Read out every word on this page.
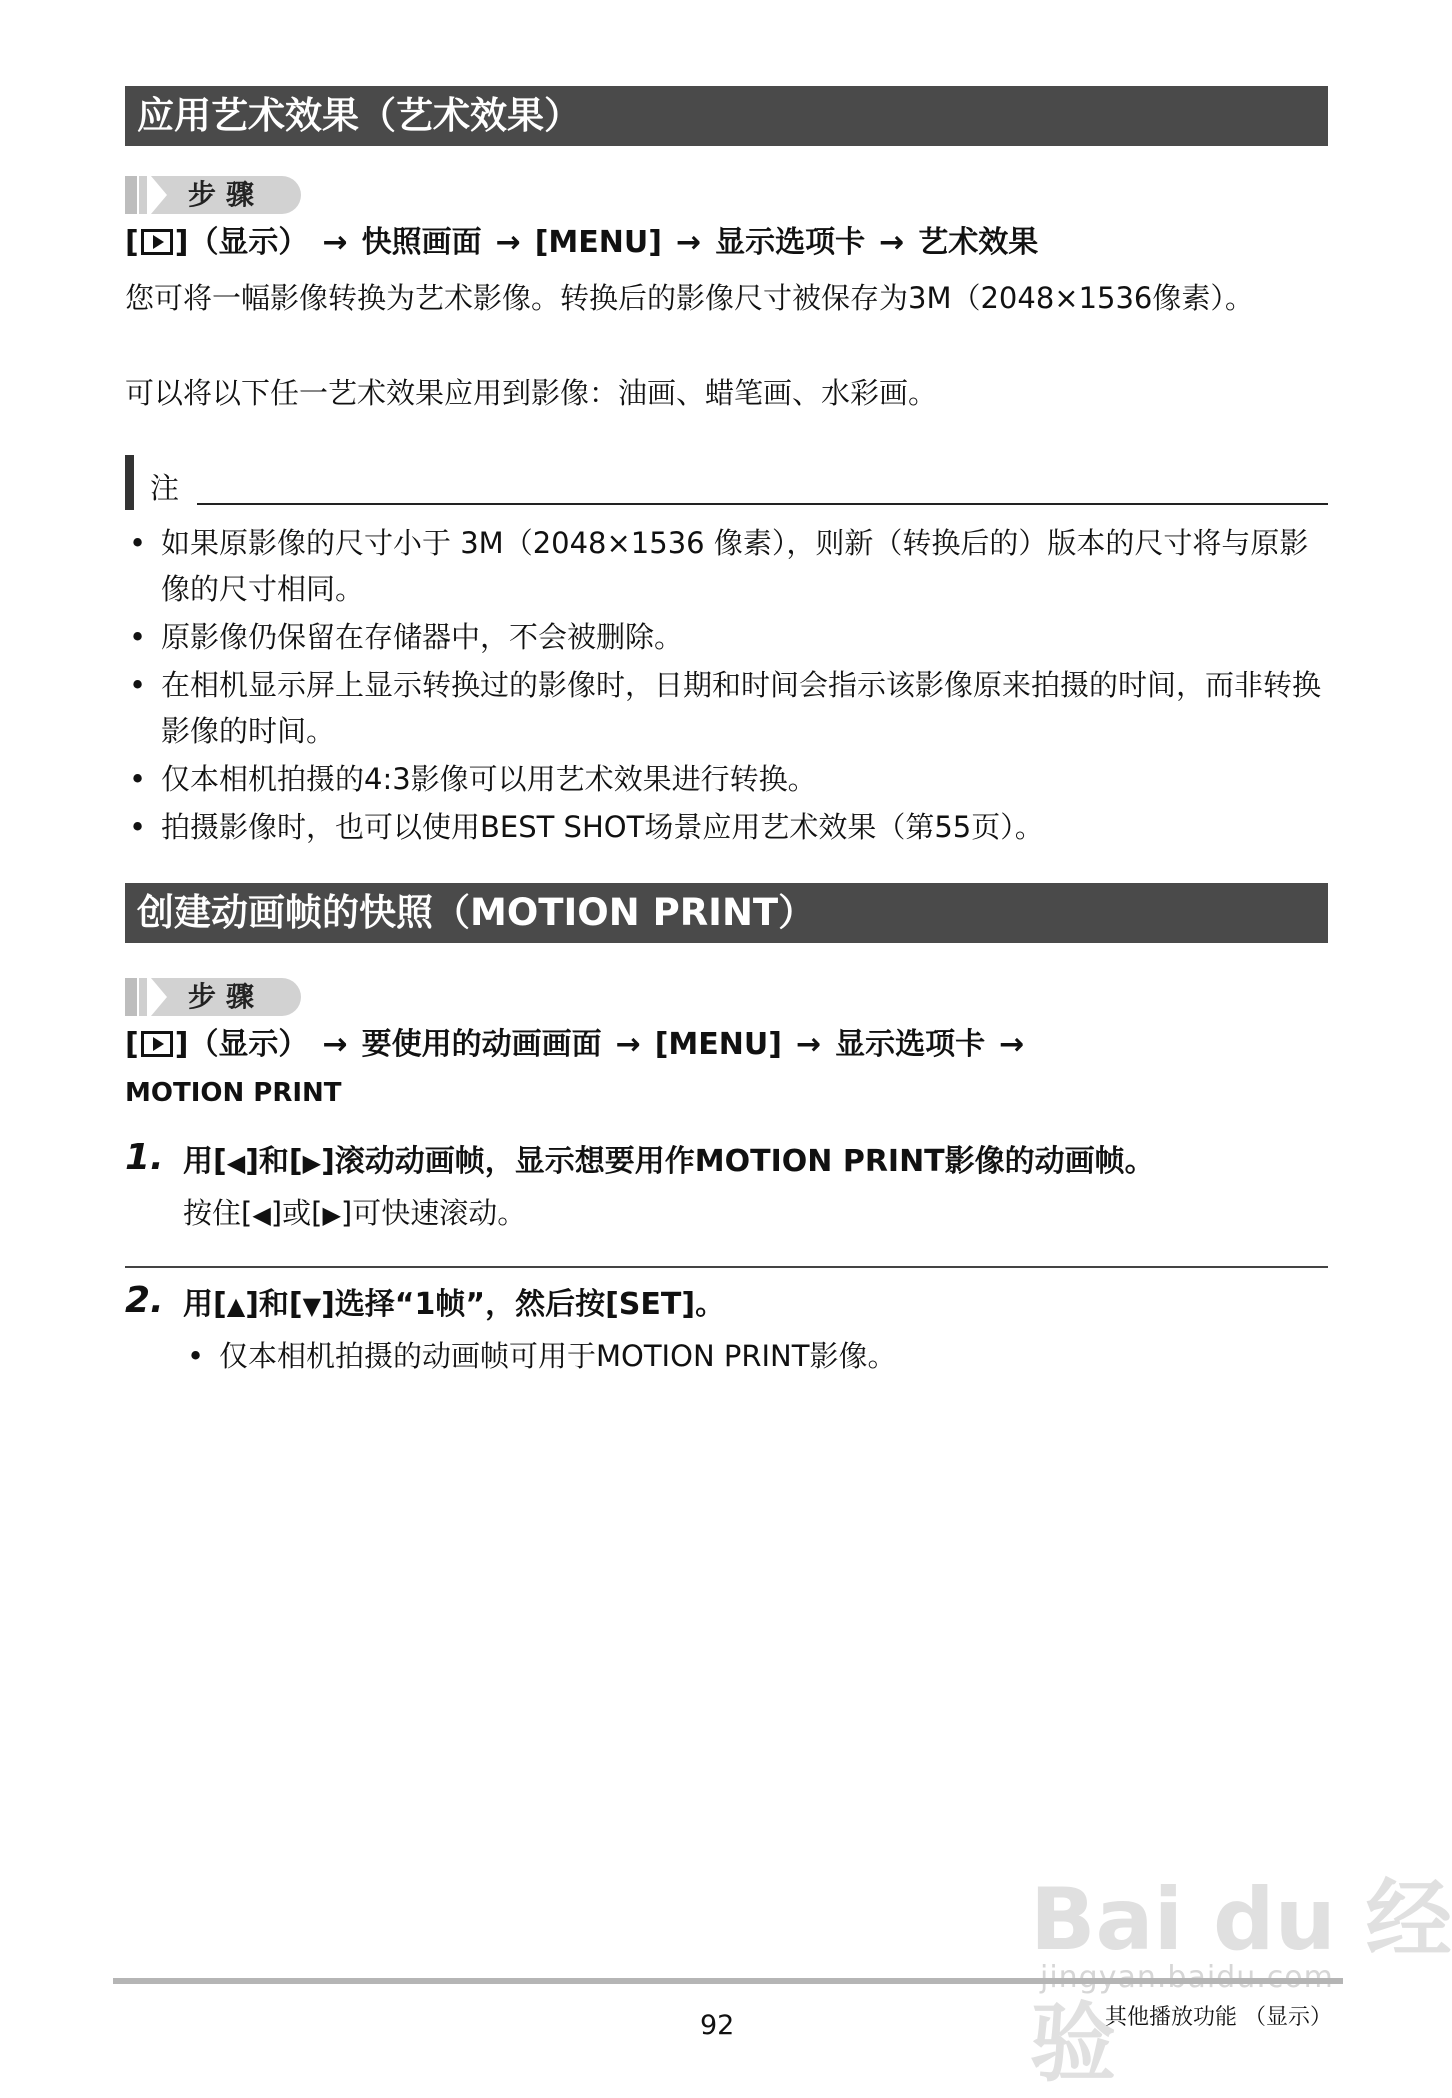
应用艺术效果（艺术效果）
步骤
[ ]（显示） → 快照画面 → [MENU] → 显示选项卡 → 艺术效果
您可将一幅影像转换为艺术影像。转换后的影像尺寸被保存为3M（2048×1536像素）。
可以将以下任一艺术效果应用到影像：油画、蜡笔画、水彩画。
注
• 如果原影像的尺寸小于 3M（2048×1536 像素），则新（转换后的）版本的尺寸将与原影像的尺寸相同。
• 原影像仍保留在存储器中，不会被删除。
• 在相机显示屏上显示转换过的影像时，日期和时间会指示该影像原来拍摄的时间，而非转换影像的时间。
• 仅本相机拍摄的4:3影像可以用艺术效果进行转换。
• 拍摄影像时，也可以使用BEST SHOT场景应用艺术效果（第55页）。
创建动画帧的快照（MOTION PRINT）
步骤
[ ]（显示） → 要使用的动画画面 → [MENU] → 显示选项卡 →
MOTION PRINT
1. 用[◀]和[▶]滚动动画帧，显示想要用作MOTION PRINT影像的动画帧。
按住[◀]或[▶]可快速滚动。
2. 用[▲]和[▼]选择“1帧”，然后按[SET]。
• 仅本相机拍摄的动画帧可用于MOTION PRINT影像。
Bai du 经验
92	其他播放功能 （显示）
